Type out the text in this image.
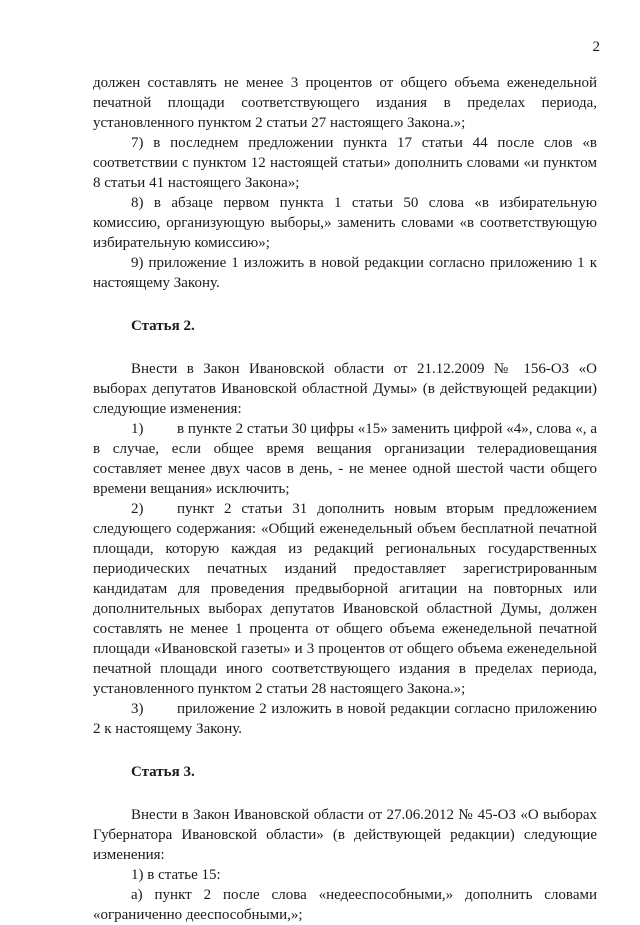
2

должен составлять не менее 3 процентов от общего объема еженедельной печатной площади соответствующего издания в пределах периода, установленного пунктом 2 статьи 27 настоящего Закона.»;

7) в последнем предложении пункта 17 статьи 44 после слов «в соответствии с пунктом 12 настоящей статьи» дополнить словами «и пунктом 8 статьи 41 настоящего Закона»;

8) в абзаце первом пункта 1 статьи 50 слова «в избирательную комиссию, организующую выборы,» заменить словами «в соответствующую избирательную комиссию»;

9) приложение 1 изложить в новой редакции согласно приложению 1 к настоящему Закону.

Статья 2.

Внести в Закон Ивановской области от 21.12.2009 № 156-ОЗ «О выборах депутатов Ивановской областной Думы» (в действующей редакции) следующие изменения:

1) в пункте 2 статьи 30 цифры «15» заменить цифрой «4», слова «, а в случае, если общее время вещания организации телерадиовещания составляет менее двух часов в день, - не менее одной шестой части общего времени вещания» исключить;

2) пункт 2 статьи 31 дополнить новым вторым предложением следующего содержания: «Общий еженедельный объем бесплатной печатной площади, которую каждая из редакций региональных государственных периодических печатных изданий предоставляет зарегистрированным кандидатам для проведения предвыборной агитации на повторных или дополнительных выборах депутатов Ивановской областной Думы, должен составлять не менее 1 процента от общего объема еженедельной печатной площади «Ивановской газеты» и 3 процентов от общего объема еженедельной печатной площади иного соответствующего издания в пределах периода, установленного пунктом 2 статьи 28 настоящего Закона.»;

3) приложение 2 изложить в новой редакции согласно приложению 2 к настоящему Закону.

Статья 3.

Внести в Закон Ивановской области от 27.06.2012 № 45-ОЗ «О выборах Губернатора Ивановской области» (в действующей редакции) следующие изменения:

1) в статье 15:

а) пункт 2 после слова «недееспособными,» дополнить словами «ограниченно дееспособными,»;
